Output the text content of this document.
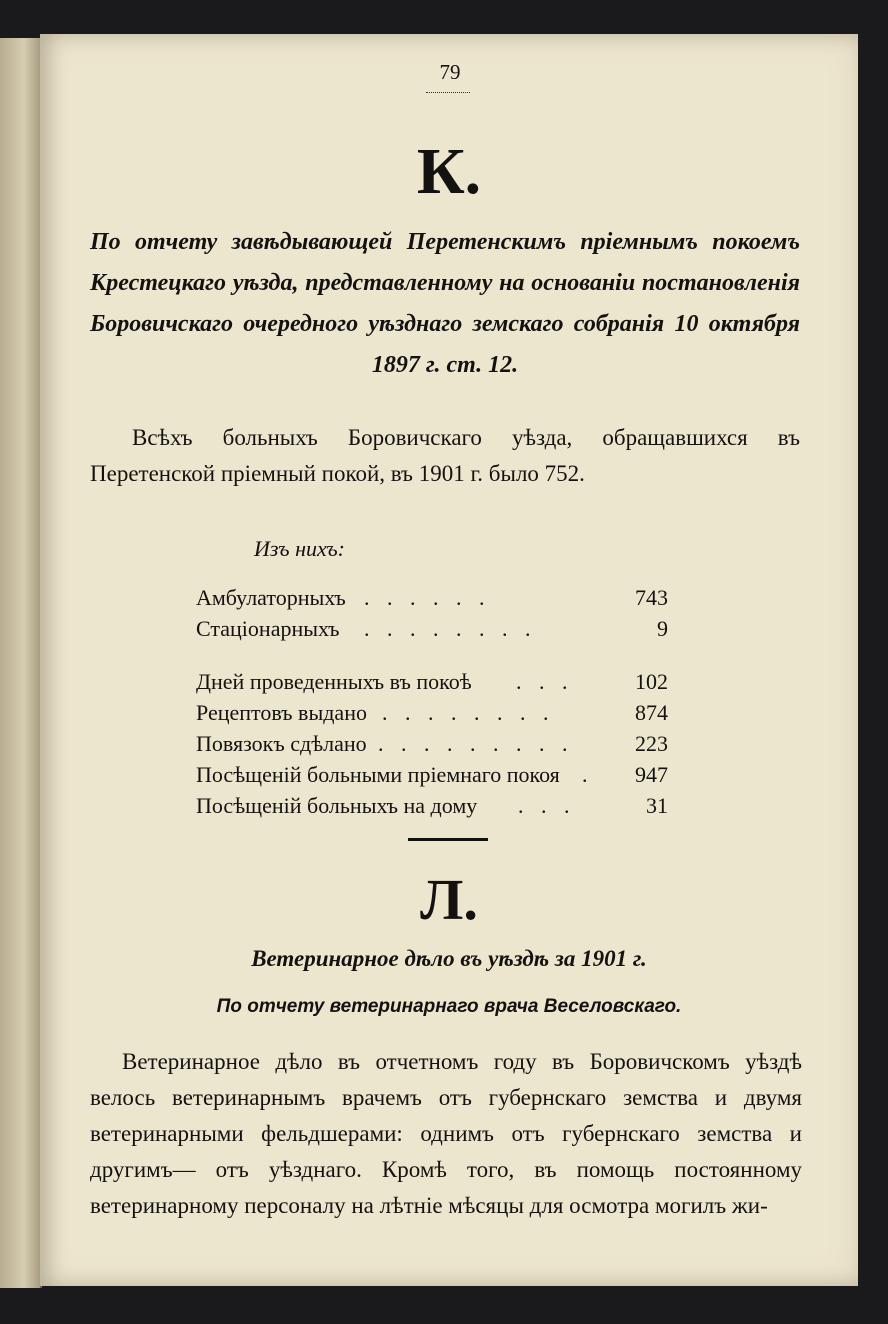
79
К.
По отчету завѣдывающей Перетенскимъ пріемнымъ покоемъ Крестецкаго уѣзда, представленному на основаніи постановленія Боровичскаго очередного уѣзднаго земскаго собранія 10 октября 1897 г. ст. 12.
Всѣхъ больныхъ Боровичскаго уѣзда, обращавшихся въ Перетенской пріемный покой, въ 1901 г. было 752.
Изъ нихъ:
Амбулаторныхъ . . . . . .	743
Стаціонарныхъ . . . . . . . .	9
Дней проведенныхъ въ покоѣ . . .	102
Рецептовъ выдано . . . . . . . .	874
Повязокъ сдѣлано . . . . . . . . .	223
Посѣщеній больными пріемнаго покоя .	947
Посѣщеній больныхъ на дому . . .	31
Л.
Ветеринарное дѣло въ уѣздѣ за 1901 г.
По отчету ветеринарнаго врача Веселовскаго.
Ветеринарное дѣло въ отчетномъ году въ Боровичскомъ уѣздѣ велось ветеринарнымъ врачемъ отъ губернскаго земства и двумя ветеринарными фельдшерами: однимъ отъ губернскаго земства и другимъ— отъ уѣзднаго. Кромѣ того, въ помощь постоянному ветеринарному персоналу на лѣтніе мѣсяцы для осмотра могилъ жи-
